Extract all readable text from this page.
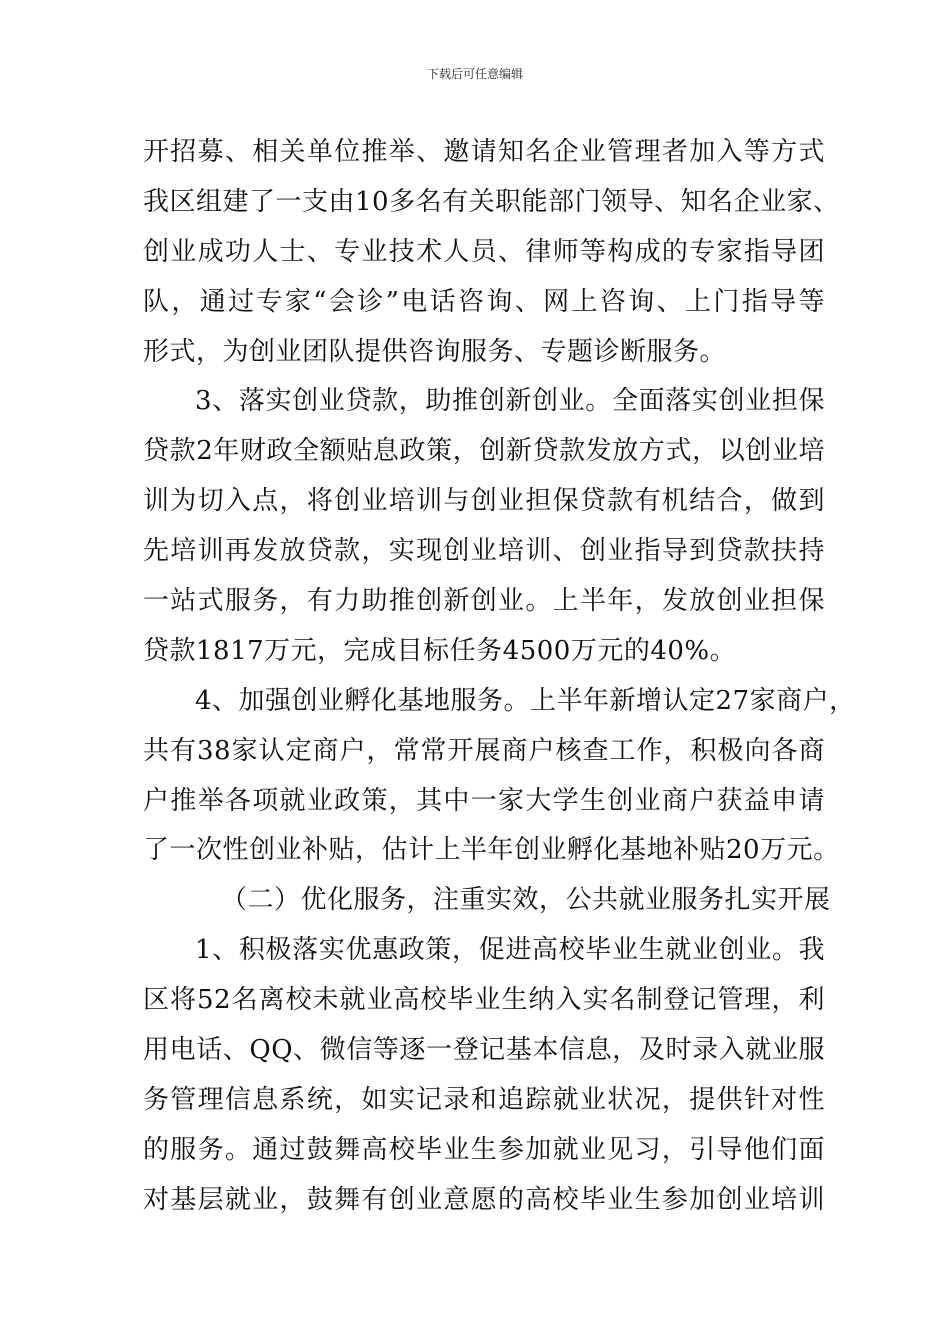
下载后可任意编辑
开招募、相关单位推举、邀请知名企业管理者加入等方式
我区组建了一支由10多名有关职能部门领导、知名企业家、
创业成功人士、专业技术人员、律师等构成的专家指导团
队，通过专家“会诊”电话咨询、网上咨询、上门指导等
形式，为创业团队提供咨询服务、专题诊断服务。
3、落实创业贷款，助推创新创业。全面落实创业担保
贷款2年财政全额贴息政策，创新贷款发放方式，以创业培
训为切入点，将创业培训与创业担保贷款有机结合，做到
先培训再发放贷款，实现创业培训、创业指导到贷款扶持
一站式服务，有力助推创新创业。上半年，发放创业担保
贷款1817万元，完成目标任务4500万元的40%。
4、加强创业孵化基地服务。上半年新增认定27家商户，
共有38家认定商户，常常开展商户核查工作，积极向各商
户推举各项就业政策，其中一家大学生创业商户获益申请
了一次性创业补贴，估计上半年创业孵化基地补贴20万元。
（二）优化服务，注重实效，公共就业服务扎实开展
1、积极落实优惠政策，促进高校毕业生就业创业。我
区将52名离校未就业高校毕业生纳入实名制登记管理，利
用电话、QQ、微信等逐一登记基本信息，及时录入就业服
务管理信息系统，如实记录和追踪就业状况，提供针对性
的服务。通过鼓舞高校毕业生参加就业见习，引导他们面
对基层就业，鼓舞有创业意愿的高校毕业生参加创业培训
